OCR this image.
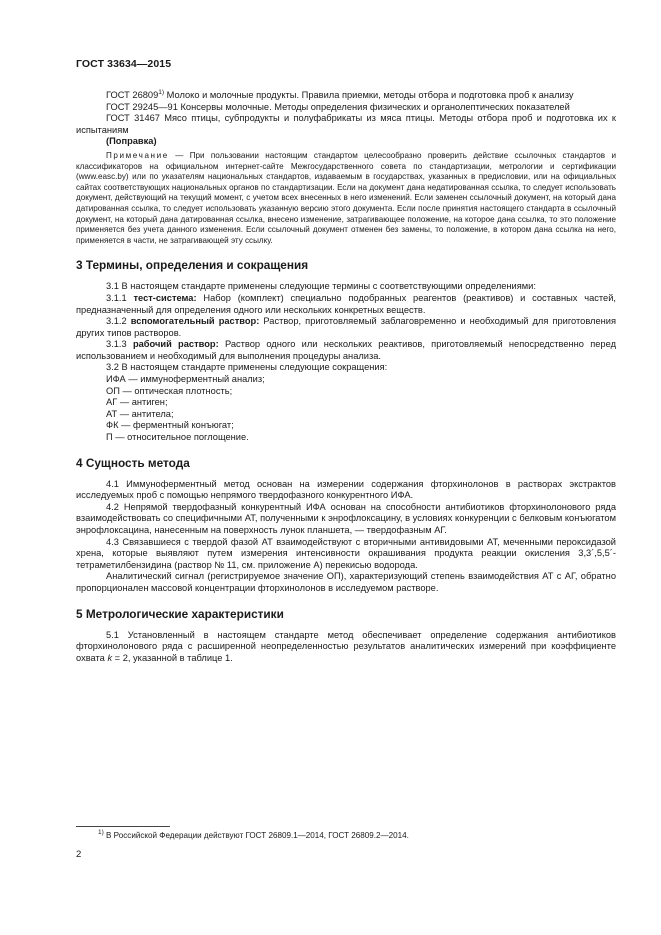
ГОСТ 33634—2015

ГОСТ 26809$^{1)}$ Молоко и молочные продукты. Правила приемки, методы отбора и подготовка проб к анализу

ГОСТ 29245—91 Консервы молочные. Методы определения физических и органолептических показателей

ГОСТ 31467 Мясо птицы, субпродукты и полуфабрикаты из мяса птицы. Методы отбора проб и подготовка их к испытаниям

(Поправка)

Примечание — При пользовании настоящим стандартом целесообразно проверить действие ссылочных стандартов и классификаторов на официальном интернет-сайте Межгосударственного совета по стандартизации, метрологии и сертификации (www.easc.by) или по указателям национальных стандартов, издаваемым в государствах, указанных в предисловии, или на официальных сайтах соответствующих национальных органов по стандартизации. Если на документ дана недатированная ссылка, то следует использовать документ, действующий на текущий момент, с учетом всех внесенных в него изменений. Если заменен ссылочный документ, на который дана датированная ссылка, то следует использовать указанную версию этого документа. Если после принятия настоящего стандарта в ссылочный документ, на который дана датированная ссылка, внесено изменение, затрагивающее положение, на которое дана ссылка, то это положение применяется без учета данного изменения. Если ссылочный документ отменен без замены, то положение, в котором дана ссылка на него, применяется в части, не затрагивающей эту ссылку.

3 Термины, определения и сокращения

3.1 В настоящем стандарте применены следующие термины с соответствующими определениями:

3.1.1 тест-система: Набор (комплект) специально подобранных реагентов (реактивов) и составных частей, предназначенный для определения одного или нескольких конкретных веществ.

3.1.2 вспомогательный раствор: Раствор, приготовляемый заблаговременно и необходимый для приготовления других типов растворов.

3.1.3 рабочий раствор: Раствор одного или нескольких реактивов, приготовляемый непосредственно перед использованием и необходимый для выполнения процедуры анализа.

3.2 В настоящем стандарте применены следующие сокращения:

ИФА — иммуноферментный анализ;

ОП — оптическая плотность;

АГ — антиген;

АТ — антитела;

ФК — ферментный конъюгат;

П — относительное поглощение.

4 Сущность метода

4.1 Иммуноферментный метод основан на измерении содержания фторхинолонов в растворах экстрактов исследуемых проб с помощью непрямого твердофазного конкурентного ИФА.

4.2 Непрямой твердофазный конкурентный ИФА основан на способности антибиотиков фторхинолонового ряда взаимодействовать со специфичными АТ, полученными к энрофлоксацину, в условиях конкуренции с белковым конъюгатом энрофлоксацина, нанесенным на поверхность лунок планшета, — твердофазным АГ.

4.3 Связавшиеся с твердой фазой АТ взаимодействуют с вторичными антивидовыми АТ, меченными пероксидазой хрена, которые выявляют путем измерения интенсивности окрашивания продукта реакции окисления 3,3´,5,5´-тетраметилбензидина (раствор № 11, см. приложение А) перекисью водорода.

Аналитический сигнал (регистрируемое значение ОП), характеризующий степень взаимодействия АТ с АГ, обратно пропорционален массовой концентрации фторхинолонов в исследуемом растворе.

5 Метрологические характеристики

5.1 Установленный в настоящем стандарте метод обеспечивает определение содержания антибиотиков фторхинолонового ряда с расширенной неопределенностью результатов аналитических измерений при коэффициенте охвата k = 2, указанной в таблице 1.

$^{1)}$ В Российской Федерации действуют ГОСТ 26809.1—2014, ГОСТ 26809.2—2014.

2
